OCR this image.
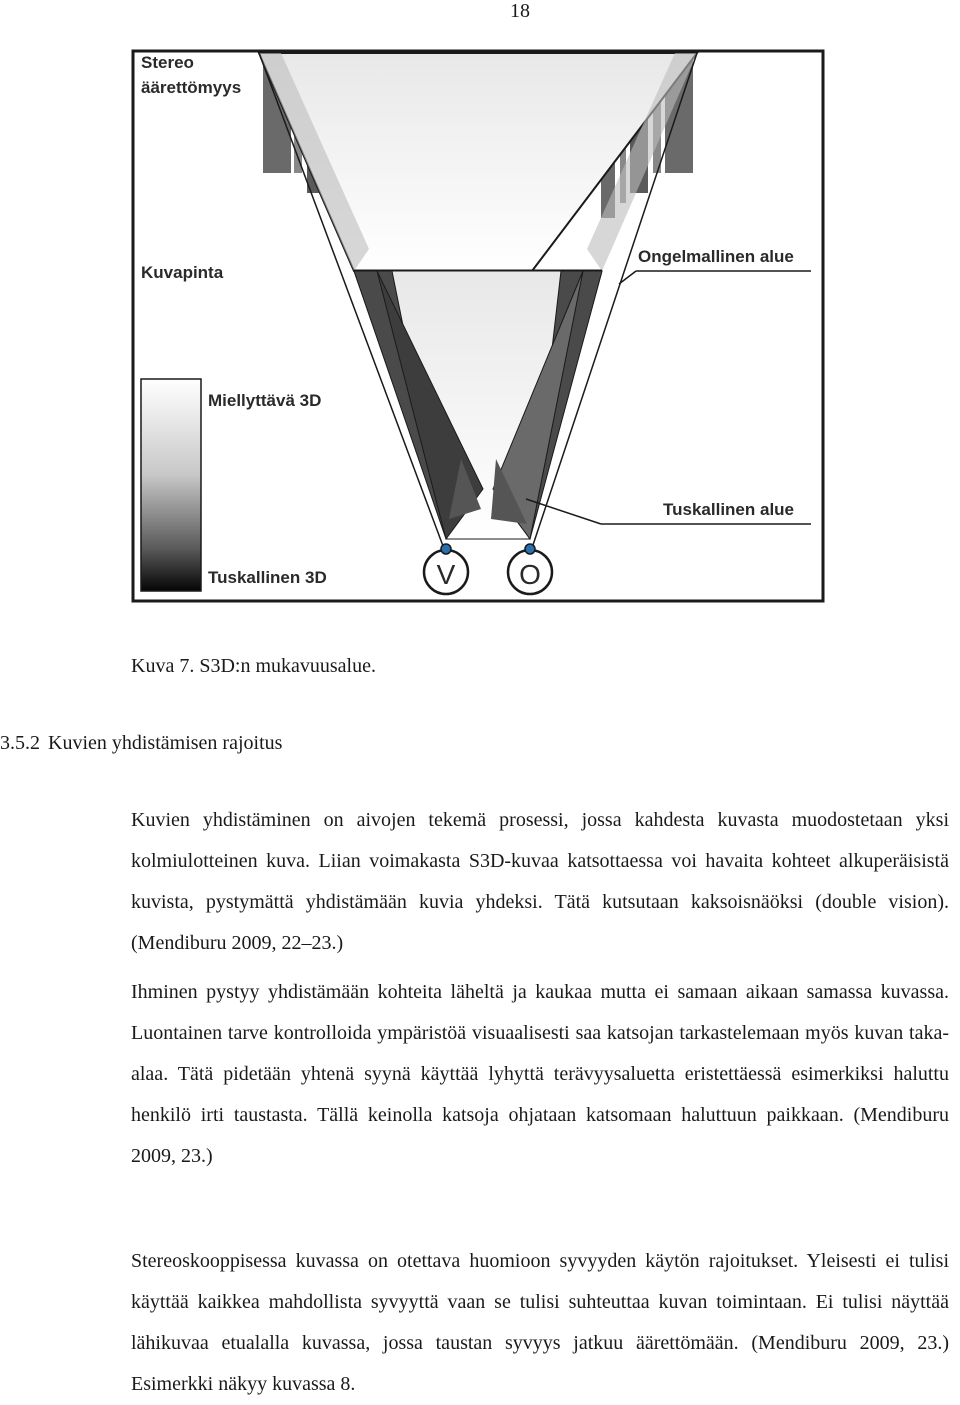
18
V O
Stereo
äärettömyys
Kuvapinta
Ongelmallinen alue
Miellyttävä 3D
Tuskallinen alue
Tuskallinen 3D
Kuva 7. S3D:n mukavuusalue.
3.5.2 Kuvien yhdistämisen rajoitus

Kuvien yhdistäminen on aivojen tekemä prosessi, jossa kahdesta kuvasta muodostetaan yksi kolmiulotteinen kuva. Liian voimakasta S3D-kuvaa katsottaessa voi havaita kohteet alkuperäisistä kuvista, pystymättä yhdistämään kuvia yhdeksi. Tätä kutsutaan kaksoisnäöksi (double vision). (Mendiburu 2009, 22–23.)

Ihminen pystyy yhdistämään kohteita läheltä ja kaukaa mutta ei samaan aikaan samassa kuvassa. Luontainen tarve kontrolloida ympäristöä visuaalisesti saa katsojan tarkastelemaan myös kuvan taka-alaa. Tätä pidetään yhtenä syynä käyttää lyhyttä terävyysaluetta eristettäessä esimerkiksi haluttu henkilö irti taustasta. Tällä keinolla katsoja ohjataan katsomaan haluttuun paikkaan. (Mendiburu 2009, 23.)

Stereoskooppisessa kuvassa on otettava huomioon syvyyden käytön rajoitukset. Yleisesti ei tulisi käyttää kaikkea mahdollista syvyyttä vaan se tulisi suhteuttaa kuvan toimintaan. Ei tulisi näyttää lähikuvaa etualalla kuvassa, jossa taustan syvyys jatkuu äärettömään. (Mendiburu 2009, 23.) Esimerkki näkyy kuvassa 8.
